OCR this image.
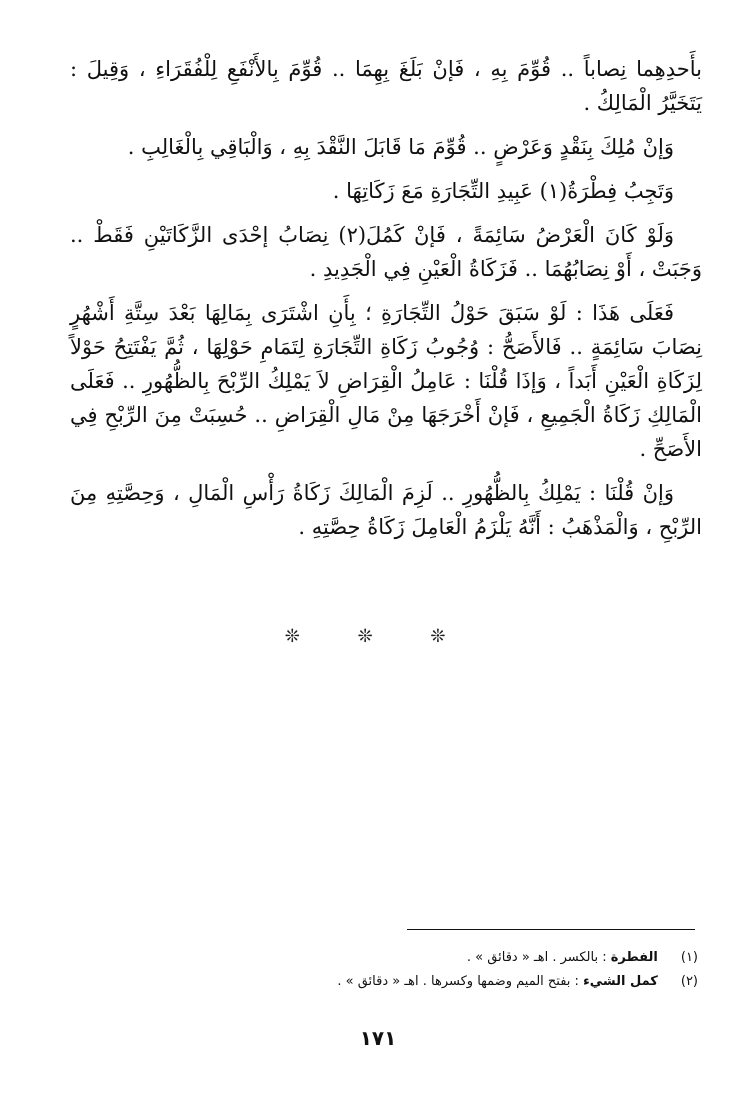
بأَحدِهِما نِصاباً .. قُوِّمَ بِهِ ، فَإنْ بَلَغَ بِهِمَا .. قُوِّمَ بِالأَنْفَعِ لِلْفُقَرَاءِ ، وَقِيلَ : يَتَخَيَّرُ الْمَالِكُ .

وَإنْ مُلِكَ بِنَقْدٍ وَعَرْضٍ .. قُوِّمَ مَا قَابَلَ النَّقْدَ بِهِ ، وَالْبَاقِي بِالْغَالِبِ .

وَتَجِبُ فِطْرَةُ(١) عَبِيدِ التِّجَارَةِ مَعَ زَكَاتِهَا .

وَلَوْ كَانَ الْعَرْضُ سَائِمَةً ، فَإنْ كَمُلَ(٢) نِصَابُ إحْدَى الزَّكَاتَيْنِ فَقَطْ .. وَجَبَتْ ، أَوْ نِصَابُهُمَا .. فَزَكَاةُ الْعَيْنِ فِي الْجَدِيدِ .

فَعَلَى هَذَا : لَوْ سَبَقَ حَوْلُ التِّجَارَةِ ؛ بِأَنِ اشْتَرَى بِمَالِهَا بَعْدَ سِتَّةِ أَشْهُرٍ نِصَابَ سَائِمَةٍ .. فَالأَصَحُّ : وُجُوبُ زَكَاةِ التِّجَارَةِ لِتَمَامِ حَوْلِهَا ، ثُمَّ يَفْتَتِحُ حَوْلاً لِزَكَاةِ الْعَيْنِ أَبَداً ، وَإذَا قُلْنَا : عَامِلُ الْقِرَاضِ لاَ يَمْلِكُ الرِّبْحَ بِالظُّهُورِ .. فَعَلَى الْمَالِكِ زَكَاةُ الْجَمِيعِ ، فَإنْ أَخْرَجَهَا مِنْ مَالِ الْقِرَاضِ .. حُسِبَتْ مِنَ الرِّبْحِ فِي الأَصَحِّ .

وَإنْ قُلْنَا : يَمْلِكُ بِالظُّهُورِ .. لَزِمَ الْمَالِكَ زَكَاةُ رَأْسِ الْمَالِ ، وَحِصَّتِهِ مِنَ الرِّبْحِ ، وَالْمَذْهَبُ : أَنَّهُ يَلْزَمُ الْعَامِلَ زَكَاةُ حِصَّتِهِ .

❊ ❊ ❊
(١) الفطرة : بالكسر . اهـ « دقائق » .
(٢) كمل الشيء : بفتح الميم وضمها وكسرها . اهـ « دقائق » .
١٧١
